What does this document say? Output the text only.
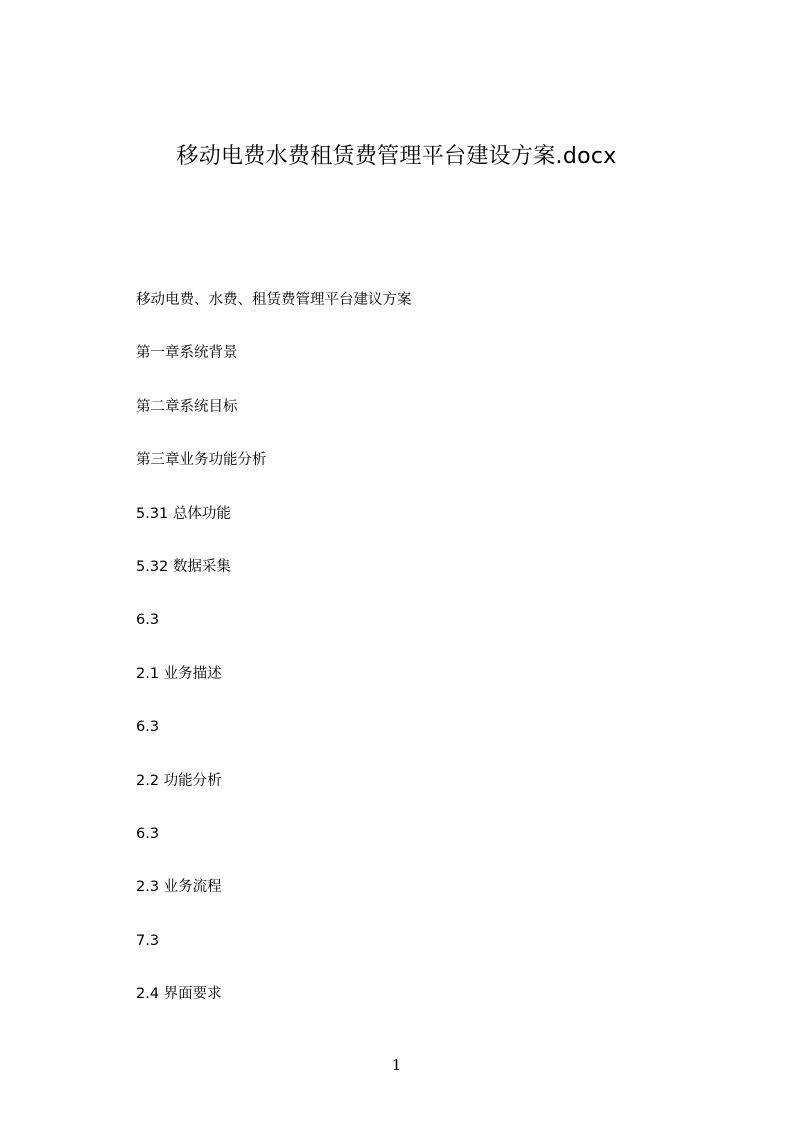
移动电费水费租赁费管理平台建设方案.docx
移动电费、水费、租赁费管理平台建议方案
第一章系统背景
第二章系统目标
第三章业务功能分析
5.31 总体功能
5.32 数据采集
6.3
2.1 业务描述
6.3
2.2 功能分析
6.3
2.3 业务流程
7.3
2.4 界面要求
1
